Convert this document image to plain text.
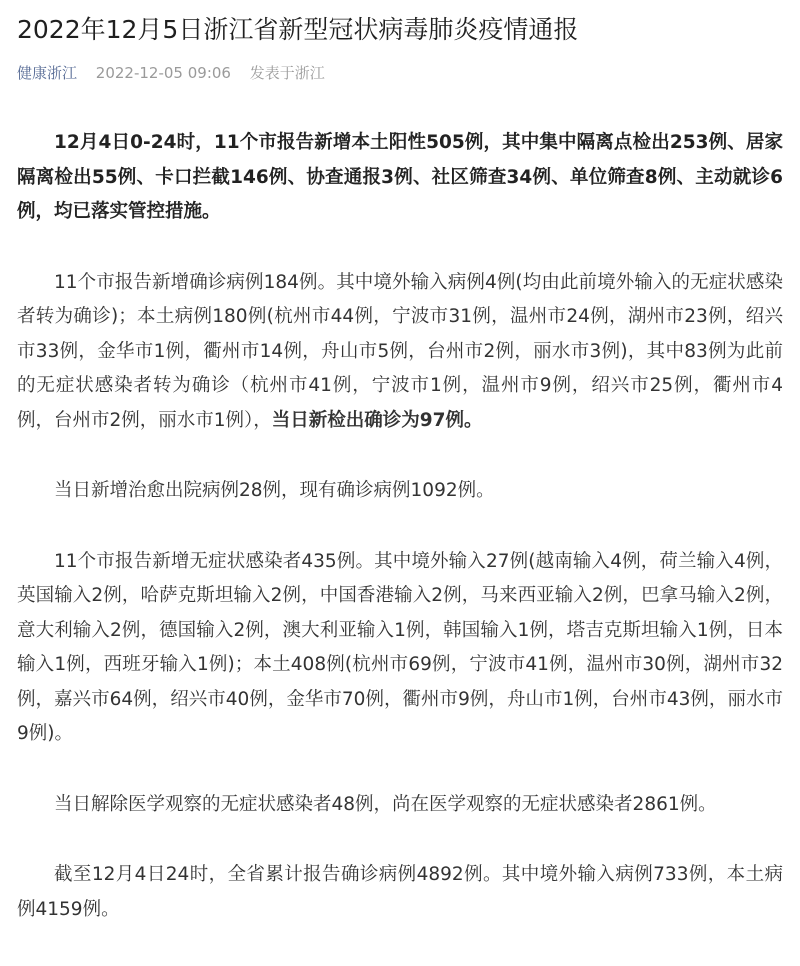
2022年12月5日浙江省新型冠状病毒肺炎疫情通报
健康浙江 2022-12-05 09:06 发表于浙江

12月4日0-24时，11个市报告新增本土阳性505例，其中集中隔离点检出253例、居家隔离检出55例、卡口拦截146例、协查通报3例、社区筛查34例、单位筛查8例、主动就诊6例，均已落实管控措施。

11个市报告新增确诊病例184例。其中境外输入病例4例(均由此前境外输入的无症状感染者转为确诊)；本土病例180例(杭州市44例，宁波市31例，温州市24例，湖州市23例，绍兴市33例，金华市1例，衢州市14例，舟山市5例，台州市2例，丽水市3例)，其中83例为此前的无症状感染者转为确诊（杭州市41例，宁波市1例，温州市9例，绍兴市25例，衢州市4例，台州市2例，丽水市1例），当日新检出确诊为97例。

当日新增治愈出院病例28例，现有确诊病例1092例。

11个市报告新增无症状感染者435例。其中境外输入27例(越南输入4例，荷兰输入4例，英国输入2例，哈萨克斯坦输入2例，中国香港输入2例，马来西亚输入2例，巴拿马输入2例，意大利输入2例，德国输入2例，澳大利亚输入1例，韩国输入1例，塔吉克斯坦输入1例，日本输入1例，西班牙输入1例)；本土408例(杭州市69例，宁波市41例，温州市30例，湖州市32例，嘉兴市64例，绍兴市40例，金华市70例，衢州市9例，舟山市1例，台州市43例，丽水市9例)。

当日解除医学观察的无症状感染者48例，尚在医学观察的无症状感染者2861例。

截至12月4日24时，全省累计报告确诊病例4892例。其中境外输入病例733例，本土病例4159例。
